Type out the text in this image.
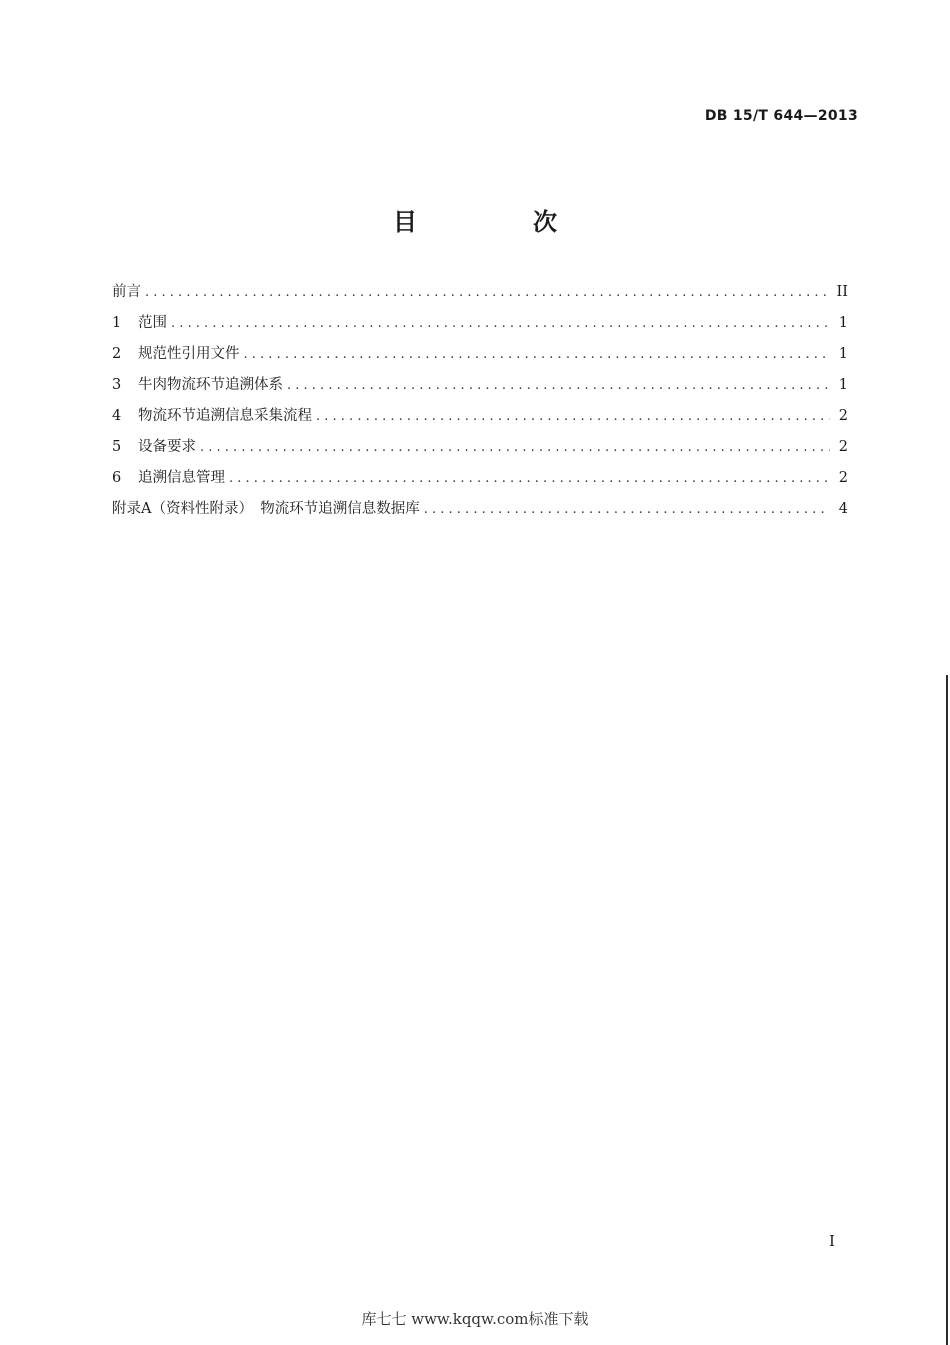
DB 15/T 644—2013
目　次
前言 . . .	II
1	范围 . . .	1
2	规范性引用文件 . . .	1
3	牛肉物流环节追溯体系 . . .	1
4	物流环节追溯信息采集流程 . . .	2
5	设备要求 . . .	2
6	追溯信息管理 . . .	2
附录A（资料性附录）　物流环节追溯信息数据库 . . .	4
I
库七七 www.kqqw.com标准下载
